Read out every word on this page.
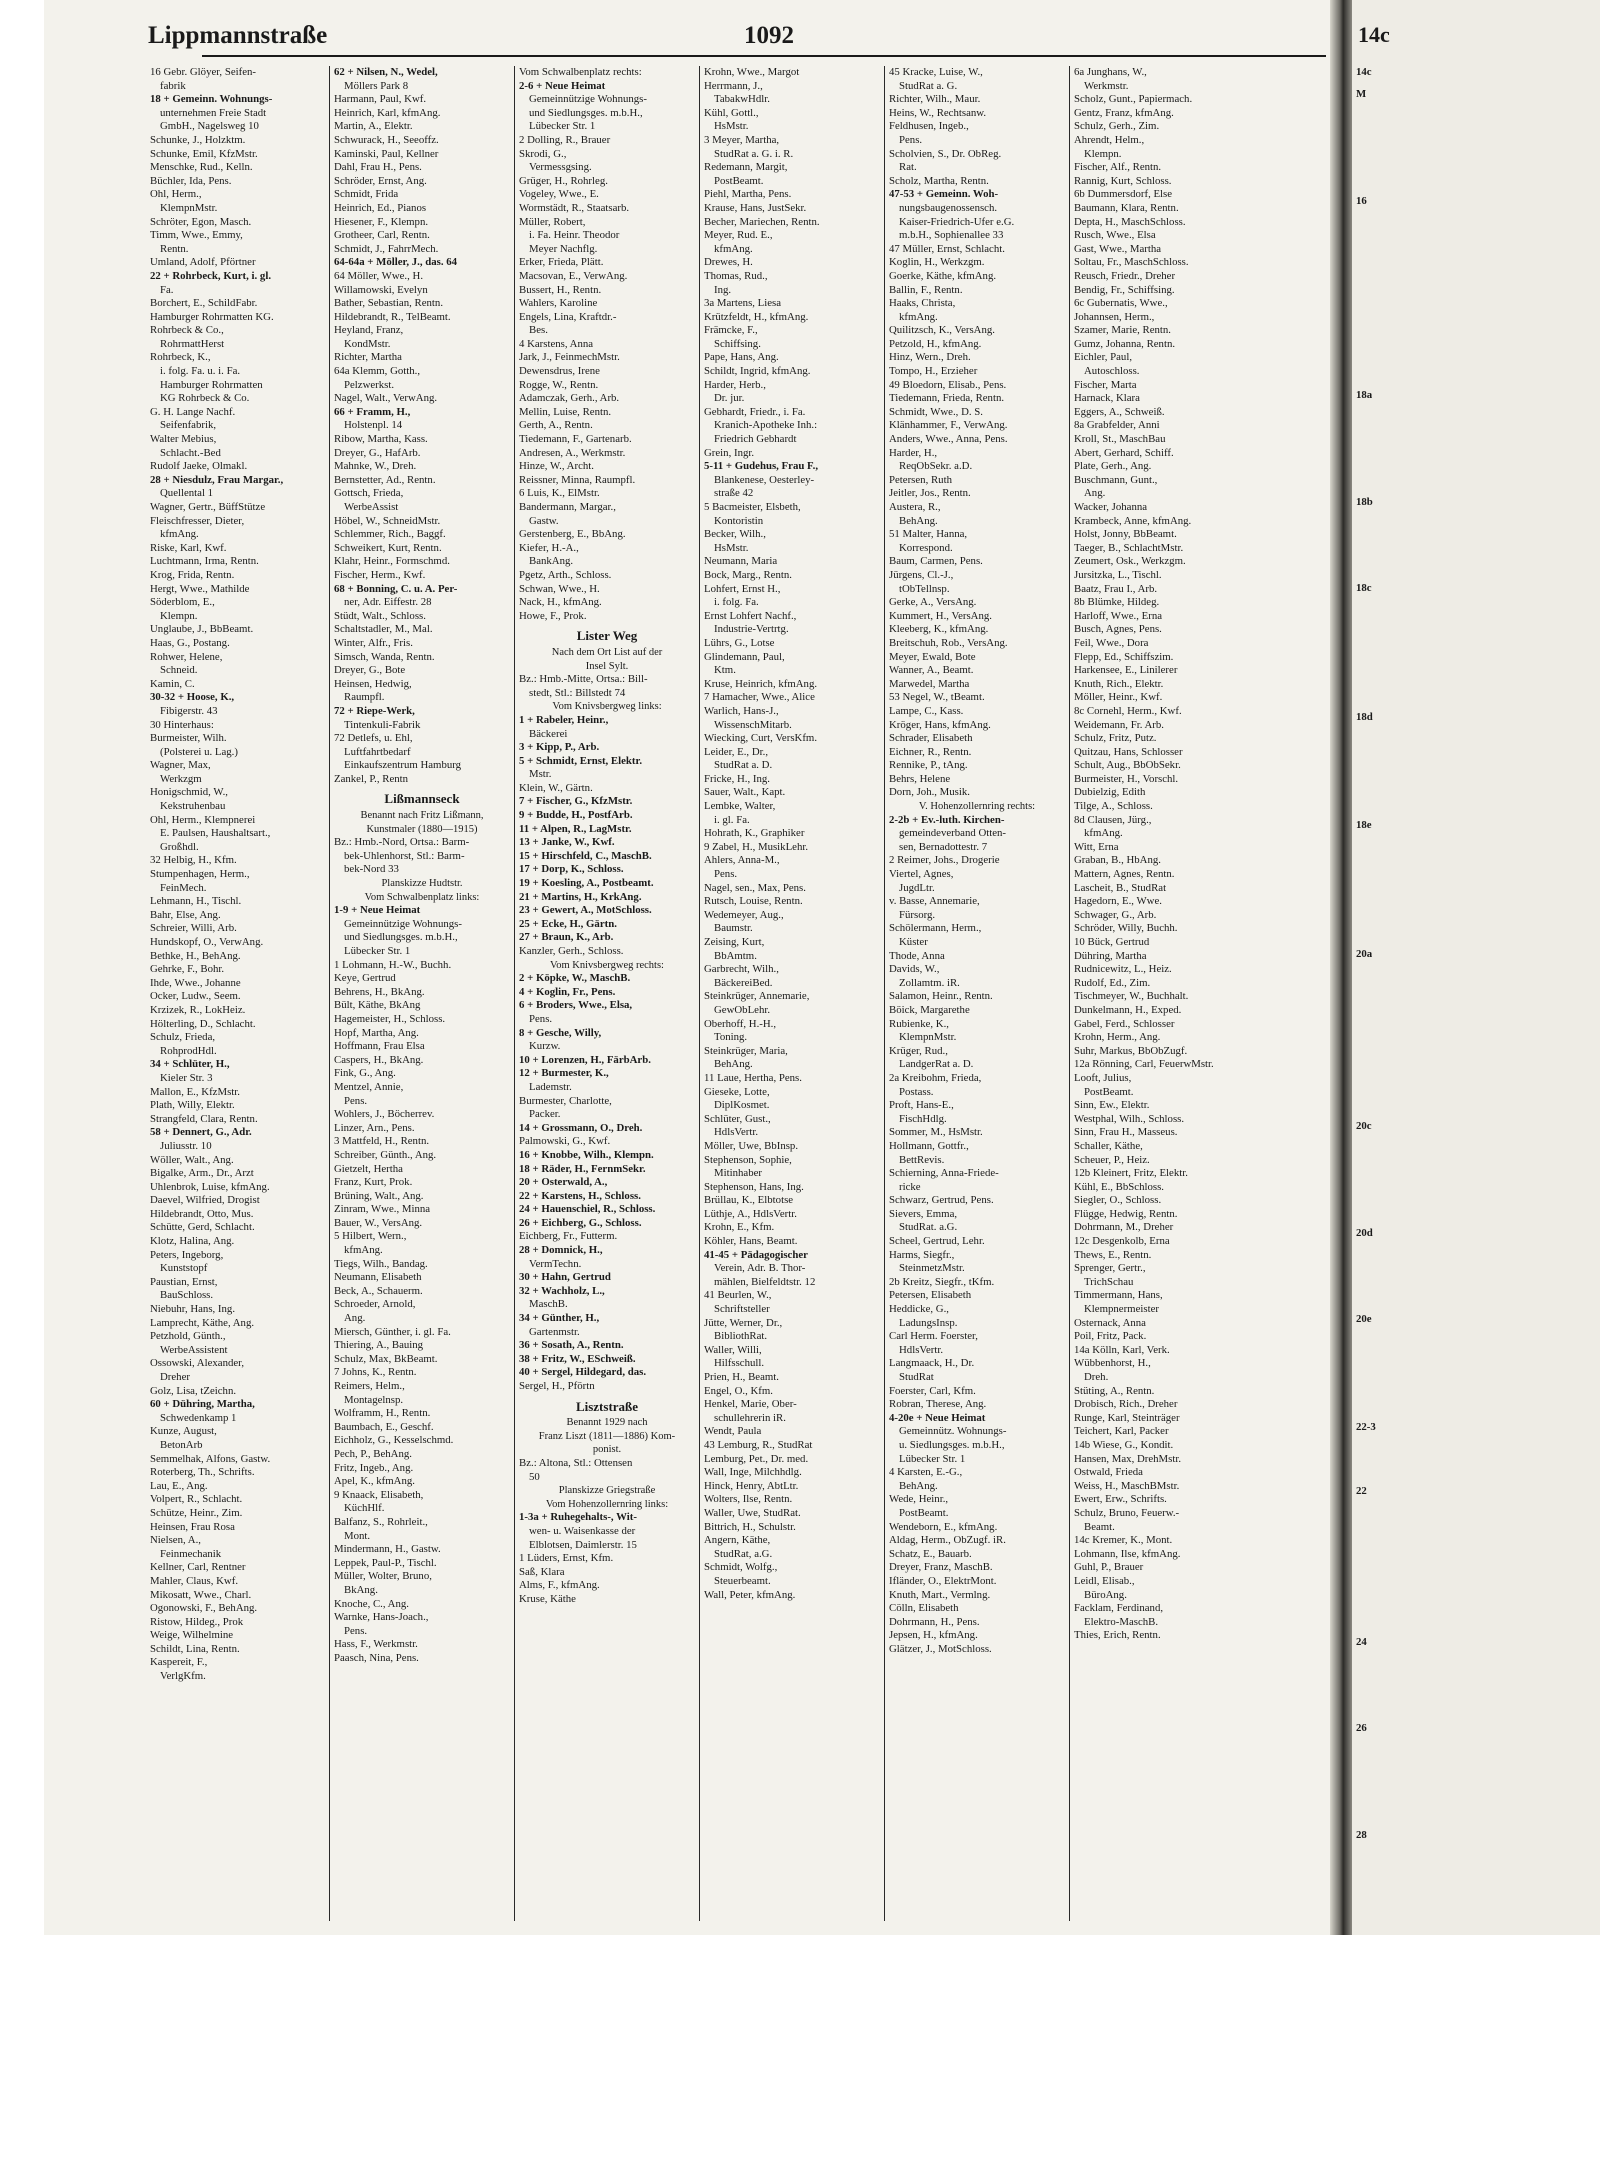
Lippmannstraße	1092
16 Gebr. Glöyer, Seifen-
fabrik
18 + Gemeinn. Wohnungs-
unternehmen Freie Stadt
GmbH., Nagelsweg 10
Schunke, J., Holzktm.
Schunke, Emil, KfzMstr.
Menschke, Rud., Kelln.
Büchler, Ida, Pens.
Ohl, Herm.,
KlempnMstr.
Schröter, Egon, Masch.
Timm, Wwe., Emmy,
Rentn.
Umland, Adolf, Pförtner
22 + Rohrbeck, Kurt, i. gl.
Fa.
Borchert, E., SchildFabr.
Hamburger Rohrmatten KG.
Rohrbeck & Co.,
RohrmattHerst
Rohrbeck, K.,
i. folg. Fa. u. i. Fa.
Hamburger Rohrmatten
KG Rohrbeck & Co.
G. H. Lange Nachf.
Seifenfabrik,
Walter Mebius,
Schlacht.-Bed
Rudolf Jaeke, Olmakl.
28 + Niesdulz, Frau Margar.,
Quellental 1
Wagner, Gertr., BüffStütze
Fleischfresser, Dieter,
kfmAng.
Riske, Karl, Kwf.
Luchtmann, Irma, Rentn.
Krog, Frida, Rentn.
Hergt, Wwe., Mathilde
Söderblom, E.,
Klempn.
Unglaube, J., BbBeamt.
Haas, G., Postang.
Rohwer, Helene,
Schneid.
Kamin, C.
30-32 + Hoose, K.,
Fibigerstr. 43
30 Hinterhaus:
Burmeister, Wilh.
(Polsterei u. Lag.)
Wagner, Max,
Werkzgm
Honigschmid, W.,
Kekstruhenbau
Ohl, Herm., Klempnerei
E. Paulsen, Haushaltsart.,
Großhdl.
32 Helbig, H., Kfm.
Stumpenhagen, Herm.,
FeinMech.
Lehmann, H., Tischl.
Bahr, Else, Ang.
Schreier, Willi, Arb.
Hundskopf, O., VerwAng.
Bethke, H., BehAng.
Gehrke, F., Bohr.
Ihde, Wwe., Johanne
Ocker, Ludw., Seem.
Krzizek, R., LokHeiz.
Hölterling, D., Schlacht.
Schulz, Frieda,
RohprodHdl.
34 + Schlüter, H.,
Kieler Str. 3
Mallon, E., KfzMstr.
Plath, Willy, Elektr.
Strangfeld, Clara, Rentn.
58 + Dennert, G., Adr.
Juliusstr. 10
Wöller, Walt., Ang.
Bigalke, Arm., Dr., Arzt
Uhlenbrok, Luise, kfmAng.
Daevel, Wilfried, Drogist
Hildebrandt, Otto, Mus.
Schütte, Gerd, Schlacht.
Klotz, Halina, Ang.
Peters, Ingeborg,
Kunststopf
Paustian, Ernst,
BauSchloss.
Niebuhr, Hans, Ing.
Lamprecht, Käthe, Ang.
Petzhold, Günth.,
WerbeAssistent
Ossowski, Alexander,
Dreher
Golz, Lisa, tZeichn.
60 + Dühring, Martha,
Schwedenkamp 1
Kunze, August,
BetonArb
Semmelhak, Alfons, Gastw.
Roterberg, Th., Schrifts.
Lau, E., Ang.
Volpert, R., Schlacht.
Schütze, Heinr., Zim.
Heinsen, Frau Rosa
Nielsen, A.,
Feinmechanik
Kellner, Carl, Rentner
Mahler, Claus, Kwf.
Mikosatt, Wwe., Charl.
Ogonowski, F., BehAng.
Ristow, Hildeg., Prok
Weige, Wilhelmine
Schildt, Lina, Rentn.
Kaspereit, F.,
VerlgKfm.
62 + Nilsen, N., Wedel,
Möllers Park 8
Harmann, Paul, Kwf.
Heinrich, Karl, kfmAng.
Martin, A., Elektr.
Schwurack, H., Seeoffz.
Kaminski, Paul, Kellner
Dahl, Frau H., Pens.
Schröder, Ernst, Ang.
Schmidt, Frida
Heinrich, Ed., Pianos
Hiesener, F., Klempn.
Grotheer, Carl, Rentn.
Schmidt, J., FahrrMech.
64-64a + Möller, J., das. 64
64 Möller, Wwe., H.
Willamowski, Evelyn
Bather, Sebastian, Rentn.
Hildebrandt, R., TelBeamt.
Heyland, Franz,
KondMstr.
Richter, Martha
64a Klemm, Gotth.,
Pelzwerkst.
Nagel, Walt., VerwAng.
66 + Framm, H.,
Holstenpl. 14
Ribow, Martha, Kass.
Dreyer, G., HafArb.
Mahnke, W., Dreh.
Bernstetter, Ad., Rentn.
Gottsch, Frieda,
WerbeAssist
Höbel, W., SchneidMstr.
Schlemmer, Rich., Baggf.
Schweikert, Kurt, Rentn.
Klahr, Heinr., Formschmd.
Fischer, Herm., Kwf.
68 + Bonning, C. u. A. Per-
ner, Adr. Eiffestr. 28
Stüdt, Walt., Schloss.
Schaltstadler, M., Mal.
Winter, Alfr., Fris.
Simsch, Wanda, Rentn.
Dreyer, G., Bote
Heinsen, Hedwig,
Raumpfl.
72 + Riepe-Werk,
Tintenkuli-Fabrik
72 Detlefs, u. Ehl,
Luftfahrtbedarf
Einkaufszentrum Hamburg
Zankel, P., Rentn
Lißmannseck
Benannt nach Fritz Lißmann,
Kunstmaler (1880—1915)
Bz.: Hmb.-Nord, Ortsa.: Barm-
bek-Uhlenhorst, Stl.: Barm-
bek-Nord 33
Planskizze Hudtstr.
Vom Schwalbenplatz links:
1-9 + Neue Heimat
Gemeinnützige Wohnungs-
und Siedlungsges. m.b.H.,
Lübecker Str. 1
1 Lohmann, H.-W., Buchh.
Keye, Gertrud
Behrens, H., BkAng.
Bült, Käthe, BkAng
Hagemeister, H., Schloss.
Hopf, Martha, Ang.
Hoffmann, Frau Elsa
Caspers, H., BkAng.
Fink, G., Ang.
Mentzel, Annie,
Pens.
Wohlers, J., Böcherrev.
Linzer, Arn., Pens.
3 Mattfeld, H., Rentn.
Schreiber, Günth., Ang.
Gietzelt, Hertha
Franz, Kurt, Prok.
Brüning, Walt., Ang.
Zinram, Wwe., Minna
Bauer, W., VersAng.
5 Hilbert, Wern.,
kfmAng.
Tiegs, Wilh., Bandag.
Neumann, Elisabeth
Beck, A., Schauerm.
Schroeder, Arnold,
Ang.
Miersch, Günther, i. gl. Fa.
Thiering, A., Bauing
Schulz, Max, BkBeamt.
7 Johns, K., Rentn.
Reimers, Helm.,
Montagelnsp.
Wolframm, H., Rentn.
Baumbach, E., Geschf.
Eichholz, G., Kesselschmd.
Pech, P., BehAng.
Fritz, Ingeb., Ang.
Apel, K., kfmAng.
9 Knaack, Elisabeth,
KüchHlf.
Balfanz, S., Rohrleit.,
Mont.
Mindermann, H., Gastw.
Leppek, Paul-P., Tischl.
Müller, Wolter, Bruno,
BkAng.
Knoche, C., Ang.
Warnke, Hans-Joach.,
Pens.
Hass, F., Werkmstr.
Paasch, Nina, Pens.
Vom Schwalbenplatz rechts:
2-6 + Neue Heimat
Gemeinnützige Wohnungs-
und Siedlungsges. m.b.H.,
Lübecker Str. 1
2 Dolling, R., Brauer
Skrodi, G.,
Vermessgsing.
Grüger, H., Rohrleg.
Vogeley, Wwe., E.
Wormstädt, R., Staatsarb.
Müller, Robert,
i. Fa. Heinr. Theodor
Meyer Nachflg.
Erker, Frieda, Plätt.
Macsovan, E., VerwAng.
Bussert, H., Rentn.
Wahlers, Karoline
Engels, Lina, Kraftdr.-
Bes.
4 Karstens, Anna
Jark, J., FeinmechMstr.
Dewensdrus, Irene
Rogge, W., Rentn.
Adamczak, Gerh., Arb.
Mellin, Luise, Rentn.
Gerth, A., Rentn.
Tiedemann, F., Gartenarb.
Andresen, A., Werkmstr.
Hinze, W., Archt.
Reissner, Minna, Raumpfl.
6 Luis, K., ElMstr.
Bandermann, Margar.,
Gastw.
Gerstenberg, E., BbAng.
Kiefer, H.-A.,
BankAng.
Pgetz, Arth., Schloss.
Schwan, Wwe., H.
Nack, H., kfmAng.
Howe, F., Prok.
Lister Weg
Nach dem Ort List auf der
Insel Sylt.
Bz.: Hmb.-Mitte, Ortsa.: Bill-
stedt, Stl.: Billstedt 74
Vom Knivsbergweg links:
1 + Rabeler, Heinr.,
Bäckerei
3 + Kipp, P., Arb.
5 + Schmidt, Ernst, Elektr.
Mstr.
Klein, W., Gärtn.
7 + Fischer, G., KfzMstr.
9 + Budde, H., PostfArb.
11 + Alpen, R., LagMstr.
13 + Janke, W., Kwf.
15 + Hirschfeld, C., MaschB.
17 + Dorp, K., Schloss.
19 + Koesling, A., Postbeamt.
21 + Martins, H., KrkAng.
23 + Gewert, A., MotSchloss.
25 + Ecke, H., Gärtn.
27 + Braun, K., Arb.
Kanzler, Gerh., Schloss.
Vom Knivsbergweg rechts:
2 + Köpke, W., MaschB.
4 + Koglin, Fr., Pens.
6 + Broders, Wwe., Elsa,
Pens.
8 + Gesche, Willy,
Kurzw.
10 + Lorenzen, H., FärbArb.
12 + Burmester, K.,
Lademstr.
Burmester, Charlotte,
Packer.
14 + Grossmann, O., Dreh.
Palmowski, G., Kwf.
16 + Knobbe, Wilh., Klempn.
18 + Räder, H., FernmSekr.
20 + Osterwald, A.,
22 + Karstens, H., Schloss.
24 + Hauenschiel, R., Schloss.
26 + Eichberg, G., Schloss.
Eichberg, Fr., Futterm.
28 + Domnick, H.,
VermTechn.
30 + Hahn, Gertrud
32 + Wachholz, L.,
MaschB.
34 + Günther, H.,
Gartenmstr.
36 + Sosath, A., Rentn.
38 + Fritz, W., ESchweiß.
40 + Sergel, Hildegard, das.
Sergel, H., Pförtn
Lisztstraße
Benannt 1929 nach
Franz Liszt (1811—1886) Kom-
ponist.
Bz.: Altona, Stl.: Ottensen
50
Planskizze Griegstraße
Vom Hohenzollernring links:
1-3a + Ruhegehalts-, Wit-
wen- u. Waisenkasse der
Elblotsen, Daimlerstr. 15
1 Lüders, Ernst, Kfm.
Saß, Klara
Alms, F., kfmAng.
Kruse, Käthe
Krohn, Wwe., Margot
Herrmann, J.,
TabakwHdlr.
Kühl, Gottl.,
HsMstr.
3 Meyer, Martha,
StudRat a. G. i. R.
Redemann, Margit,
PostBeamt.
Piehl, Martha, Pens.
Krause, Hans, JustSekr.
Becher, Mariechen, Rentn.
Meyer, Rud. E.,
kfmAng.
Drewes, H.
Thomas, Rud.,
Ing.
3a Martens, Liesa
Krützfeldt, H., kfmAng.
Främcke, F.,
Schiffsing.
Pape, Hans, Ang.
Schildt, Ingrid, kfmAng.
Harder, Herb.,
Dr. jur.
Gebhardt, Friedr., i. Fa.
Kranich-Apotheke Inh.:
Friedrich Gebhardt
Grein, Ingr.
5-11 + Gudehus, Frau F.,
Blankenese, Oesterley-
straße 42
5 Bacmeister, Elsbeth,
Kontoristin
Becker, Wilh.,
HsMstr.
Neumann, Maria
Bock, Marg., Rentn.
Lohfert, Ernst H.,
i. folg. Fa.
Ernst Lohfert Nachf.,
Industrie-Vertrtg.
Lührs, G., Lotse
Glindemann, Paul,
Ktm.
Kruse, Heinrich, kfmAng.
7 Hamacher, Wwe., Alice
Warlich, Hans-J.,
WissenschMitarb.
Wiecking, Curt, VersKfm.
Leider, E., Dr.,
StudRat a. D.
Fricke, H., Ing.
Sauer, Walt., Kapt.
Lembke, Walter,
i. gl. Fa.
Hohrath, K., Graphiker
9 Zabel, H., MusikLehr.
Ahlers, Anna-M.,
Pens.
Nagel, sen., Max, Pens.
Rutsch, Louise, Rentn.
Wedemeyer, Aug.,
Baumstr.
Zeising, Kurt,
BbAmtm.
Garbrecht, Wilh.,
BäckereiBed.
Steinkrüger, Annemarie,
GewObLehr.
Oberhoff, H.-H.,
Toning.
Steinkrüger, Maria,
BehAng.
11 Laue, Hertha, Pens.
Gieseke, Lotte,
DiplKosmet.
Schlüter, Gust.,
HdlsVertr.
Möller, Uwe, BbInsp.
Stephenson, Sophie,
Mitinhaber
Stephenson, Hans, Ing.
Brüllau, K., Elbtotse
Lüthje, A., HdlsVertr.
Krohn, E., Kfm.
Köhler, Hans, Beamt.
41-45 + Pädagogischer
Verein, Adr. B. Thor-
mählen, Bielfeldtstr. 12
41 Beurlen, W.,
Schriftsteller
Jütte, Werner, Dr.,
BibliothRat.
Waller, Willi,
Hilfsschull.
Prien, H., Beamt.
Engel, O., Kfm.
Henkel, Marie, Ober-
schullehrerin iR.
Wendt, Paula
43 Lemburg, R., StudRat
Lemburg, Pet., Dr. med.
Wall, Inge, Milchhdlg.
Hinck, Henry, AbtLtr.
Wolters, Ilse, Rentn.
Waller, Uwe, StudRat.
Bittrich, H., Schulstr.
Angern, Käthe,
StudRat, a.G.
Schmidt, Wolfg.,
Steuerbeamt.
Wall, Peter, kfmAng.
45 Kracke, Luise, W.,
StudRat a. G.
Richter, Wilh., Maur.
Heins, W., Rechtsanw.
Feldhusen, Ingeb.,
Pens.
Scholvien, S., Dr. ObReg.
Rat.
Scholz, Martha, Rentn.
47-53 + Gemeinn. Woh-
nungsbaugenossensch.
Kaiser-Friedrich-Ufer e.G.
m.b.H., Sophienallee 33
47 Müller, Ernst, Schlacht.
Koglin, H., Werkzgm.
Goerke, Käthe, kfmAng.
Ballin, F., Rentn.
Haaks, Christa,
kfmAng.
Quilitzsch, K., VersAng.
Petzold, H., kfmAng.
Hinz, Wern., Dreh.
Tompo, H., Erzieher
49 Bloedorn, Elisab., Pens.
Tiedemann, Frieda, Rentn.
Schmidt, Wwe., D. S.
Klänhammer, F., VerwAng.
Anders, Wwe., Anna, Pens.
Harder, H.,
ReqObSekr. a.D.
Petersen, Ruth
Jeitler, Jos., Rentn.
Austera, R.,
BehAng.
51 Malter, Hanna,
Korrespond.
Baum, Carmen, Pens.
Jürgens, Cl.-J.,
tObTellnsp.
Gerke, A., VersAng.
Kummert, H., VersAng.
Kleeberg, K., kfmAng.
Breitschuh, Rob., VersAng.
Meyer, Ewald, Bote
Wanner, A., Beamt.
Marwedel, Martha
53 Negel, W., tBeamt.
Lampe, C., Kass.
Kröger, Hans, kfmAng.
Schrader, Elisabeth
Eichner, R., Rentn.
Rennike, P., tAng.
Behrs, Helene
Dorn, Joh., Musik.
V. Hohenzollernring rechts:
2-2b + Ev.-luth. Kirchen-
gemeindeverband Otten-
sen, Bernadottestr. 7
2 Reimer, Johs., Drogerie
Viertel, Agnes,
JugdLtr.
v. Basse, Annemarie,
Fürsorg.
Schölermann, Herm.,
Küster
Thode, Anna
Davids, W.,
Zollamtm. iR.
Salamon, Heinr., Rentn.
Böick, Margarethe
Rubienke, K.,
KlempnMstr.
Krüger, Rud.,
LandgerRat a. D.
2a Kreibohm, Frieda,
Postass.
Proft, Hans-E.,
FischHdlg.
Sommer, M., HsMstr.
Hollmann, Gottfr.,
BettRevis.
Schierning, Anna-Friede-
ricke
Schwarz, Gertrud, Pens.
Sievers, Emma,
StudRat. a.G.
Scheel, Gertrud, Lehr.
Harms, Siegfr.,
SteinmetzMstr.
2b Kreitz, Siegfr., tKfm.
Petersen, Elisabeth
Heddicke, G.,
LadungsInsp.
Carl Herm. Foerster,
HdlsVertr.
Langmaack, H., Dr.
StudRat
Foerster, Carl, Kfm.
Robran, Therese, Ang.
4-20e + Neue Heimat
Gemeinnütz. Wohnungs-
u. Siedlungsges. m.b.H.,
Lübecker Str. 1
4 Karsten, E.-G.,
BehAng.
Wede, Heinr.,
PostBeamt.
Wendeborn, E., kfmAng.
Aldag, Herm., ObZugf. iR.
Schatz, E., Bauarb.
Dreyer, Franz, MaschB.
Ifländer, O., ElektrMont.
Knuth, Mart., Vermlng.
Cölln, Elisabeth
Dohrmann, H., Pens.
Jepsen, H., kfmAng.
Glätzer, J., MotSchloss.
6a Junghans, W.,
Werkmstr.
Scholz, Gunt., Papiermach.
Gentz, Franz, kfmAng.
Schulz, Gerh., Zim.
Ahrendt, Helm.,
Klempn.
Fischer, Alf., Rentn.
Rannig, Kurt, Schloss.
6b Dummersdorf, Else
Baumann, Klara, Rentn.
Depta, H., MaschSchloss.
Rusch, Wwe., Elsa
Gast, Wwe., Martha
Soltau, Fr., MaschSchloss.
Reusch, Friedr., Dreher
Bendig, Fr., Schiffsing.
6c Gubernatis, Wwe.,
Johannsen, Herm.,
Szamer, Marie, Rentn.
Gumz, Johanna, Rentn.
Eichler, Paul,
Autoschloss.
Fischer, Marta
Harnack, Klara
Eggers, A., Schweiß.
8a Grabfelder, Anni
Kroll, St., MaschBau
Abert, Gerhard, Schiff.
Plate, Gerh., Ang.
Buschmann, Gunt.,
Ang.
Wacker, Johanna
Krambeck, Anne, kfmAng.
Holst, Jonny, BbBeamt.
Taeger, B., SchlachtMstr.
Zeumert, Osk., Werkzgm.
Jursitzka, L., Tischl.
Baatz, Frau I., Arb.
8b Blümke, Hildeg.
Harloff, Wwe., Erna
Busch, Agnes, Pens.
Feil, Wwe., Dora
Flepp, Ed., Schiffszim.
Harkensee, E., Linilerer
Knuth, Rich., Elektr.
Möller, Heinr., Kwf.
8c Cornehl, Herm., Kwf.
Weidemann, Fr. Arb.
Schulz, Fritz, Putz.
Quitzau, Hans, Schlosser
Schult, Aug., BbObSekr.
Burmeister, H., Vorschl.
Dubielzig, Edith
Tilge, A., Schloss.
8d Clausen, Jürg.,
kfmAng.
Witt, Erna
Graban, B., HbAng.
Mattern, Agnes, Rentn.
Lascheit, B., StudRat
Hagedorn, E., Wwe.
Schwager, G., Arb.
Schröder, Willy, Buchh.
10 Bück, Gertrud
Dühring, Martha
Rudnicewitz, L., Heiz.
Rudolf, Ed., Zim.
Tischmeyer, W., Buchhalt.
Dunkelmann, H., Exped.
Gabel, Ferd., Schlosser
Krohn, Herm., Ang.
Suhr, Markus, BbObZugf.
12a Rönning, Carl, FeuerwMstr.
Looft, Julius,
PostBeamt.
Sinn, Ew., Elektr.
Westphal, Wilh., Schloss.
Sinn, Frau H., Masseus.
Schaller, Käthe,
Scheuer, P., Heiz.
12b Kleinert, Fritz, Elektr.
Kühl, E., BbSchloss.
Siegler, O., Schloss.
Flügge, Hedwig, Rentn.
Dohrmann, M., Dreher
12c Desgenkolb, Erna
Thews, E., Rentn.
Sprenger, Gertr.,
TrichSchau
Timmermann, Hans,
Klempnermeister
Osternack, Anna
Poil, Fritz, Pack.
14a Kölln, Karl, Verk.
Wübbenhorst, H.,
Dreh.
Stüting, A., Rentn.
Drobisch, Rich., Dreher
Runge, Karl, Steinträger
Teichert, Karl, Packer
14b Wiese, G., Kondit.
Hansen, Max, DrehMstr.
Ostwald, Frieda
Weiss, H., MaschBMstr.
Ewert, Erw., Schrifts.
Schulz, Bruno, Feuerw.-
Beamt.
14c Kremer, K., Mont.
Lohmann, Ilse, kfmAng.
Guhl, P., Brauer
Leidl, Elisab.,
BüroAng.
Facklam, Ferdinand,
Elektro-MaschB.
Thies, Erich, Rentn.
14c
14c
M
16
18a
18b
18c
18d
18e
20a
20c
20d
20e
22-3
22
24
26
28
